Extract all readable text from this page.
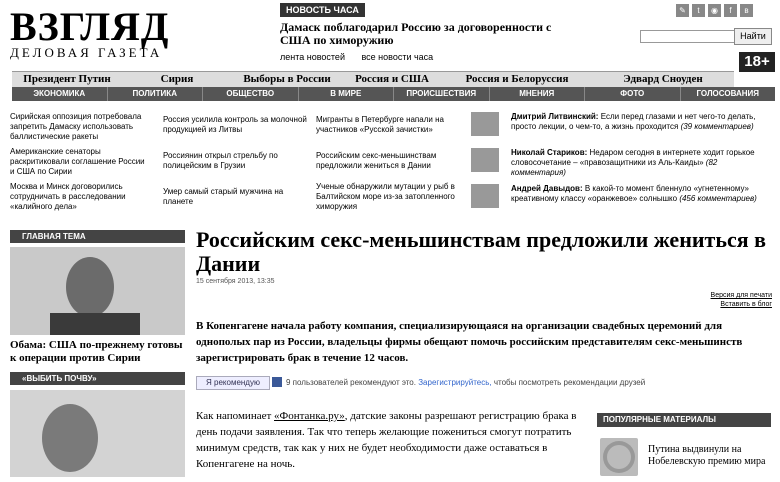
ВЗГЛЯД
ДЕЛОВАЯ ГАЗЕТА
НОВОСТЬ ЧАСА
Дамаск поблагодарил Россию за договоренности с США по химоружию
лента новостей все новости часа
✎	t	◉	f	в
Найти
18+
Президент Путин	Сирия	Выборы в России	Россия и США	Россия и Белоруссия	Эдвард Сноуден
ЭКОНОМИКА	ПОЛИТИКА	ОБЩЕСТВО	В МИРЕ	ПРОИСШЕСТВИЯ	МНЕНИЯ	ФОТО	ГОЛОСОВАНИЯ
Сирийская оппозиция потребовала запретить Дамаску использовать баллистические ракеты
Американские сенаторы раскритиковали соглашение России и США по Сирии
Москва и Минск договорились сотрудничать в расследовании «калийного дела»
Россия усилила контроль за молочной продукцией из Литвы
Россиянин открыл стрельбу по полицейским в Грузии
Умер самый старый мужчина на планете
Мигранты в Петербурге напали на участников «Русской зачистки»
Российским секс-меньшинствам предложили жениться в Дании
Ученые обнаружили мутации у рыб в Балтийском море из-за затопленного химоружия
Дмитрий Литвинский: Если перед глазами и нет чего-то делать, просто лекции, о чем-то, а жизнь проходится (39 комментариев)
Николай Стариков: Недаром сегодня в интернете ходит горькое словосочетание – «правозащитники из Аль-Каиды» (82 комментария)
Андрей Давыдов: В какой-то момент бленнуло «угнетенному» креативному классу «оранжевое» солнышко (456 комментариев)
ГЛАВНАЯ ТЕМА
Обама: США по-прежнему готовы к операции против Сирии
«ВЫБИТЬ ПОЧВУ»
Российским секс-меньшинствам предложили жениться в Дании
15 сентября 2013, 13:35
Версия для печати
Вставить в блог
В Копенгагене начала работу компания, специализирующаяся на организации свадебных церемоний для однополых пар из России, владельцы фирмы обещают помочь российским представителям секс-меньшинств зарегистрировать брак в течение 12 часов.
Я рекомендую	9 пользователей рекомендуют это. Зарегистрируйтесь, чтобы посмотреть рекомендации друзей
Как напоминает «Фонтанка.ру», датские законы разрешают регистрацию брака в день подачи заявления. Так что теперь желающие пожениться смогут потратить минимум средств, так как у них не будет необходимости даже оставаться в Копенгагене на ночь.
ПОПУЛЯРНЫЕ МАТЕРИАЛЫ
Путина выдвинули на Нобелевскую премию мира
